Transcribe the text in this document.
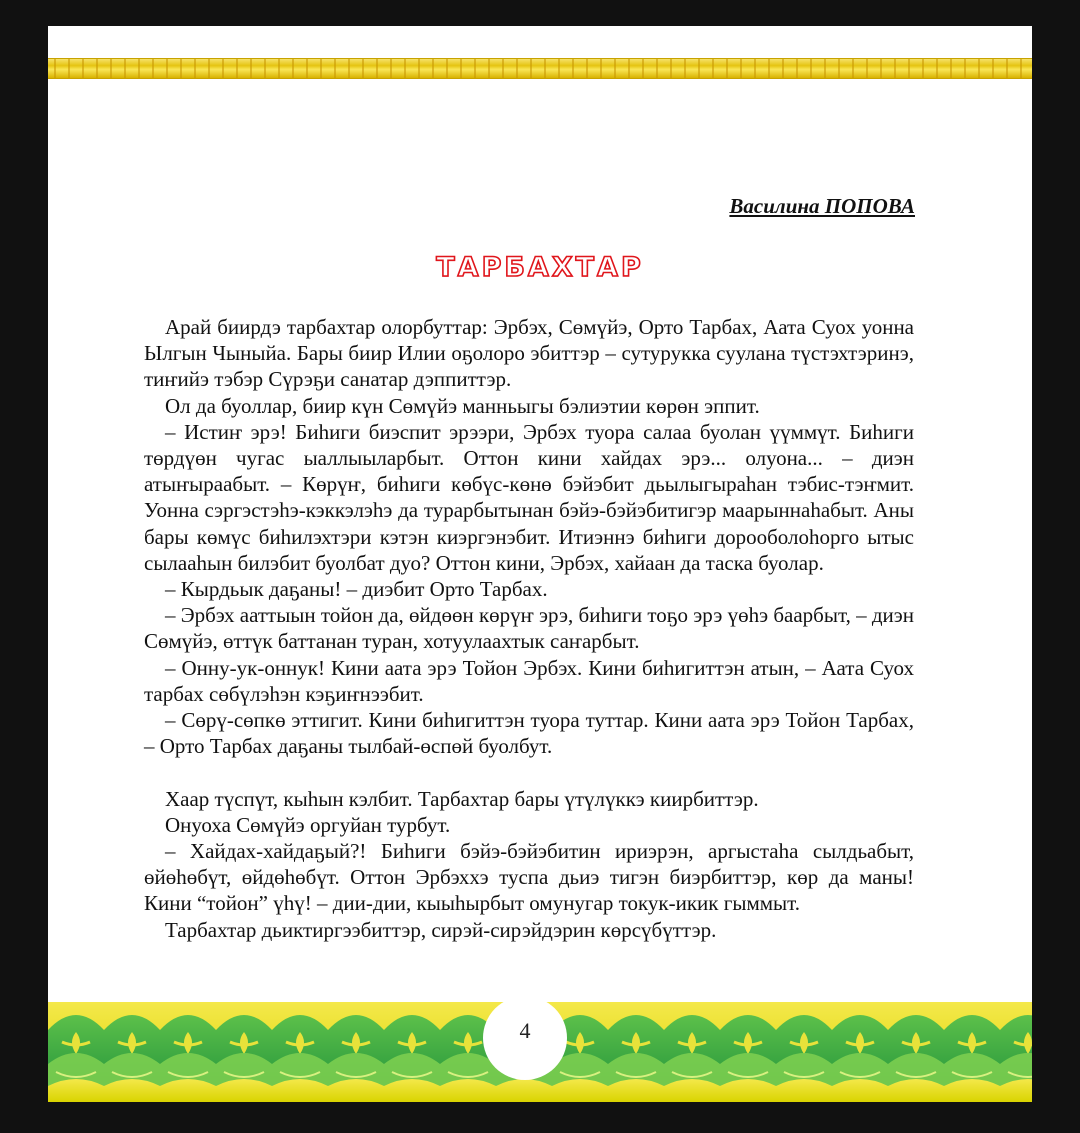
Василина ПОПОВА
ТАРБАХТАР

Арай биирдэ тарбахтар олорбуттар: Эрбэх, Сөмүйэ, Орто Тарбах, Аата Суох уонна Ылгын Чыныйа. Бары биир Илии оҕолоро эбиттэр – сутурукка суулана түстэхтэринэ, тиҥийэ тэбэр Сүрэҕи санатар дэппиттэр.

Ол да буоллар, биир күн Сөмүйэ манньыгы бэлиэтии көрөн эппит.

– Истиҥ эрэ! Биһиги биэспит эрээри, Эрбэх туора салаа буолан үүммүт. Биһиги төрдүөн чугас ыаллыыларбыт. Оттон кини хайдах эрэ... олуона... – диэн атыҥыраабыт. – Көрүҥ, биһиги көбүс-көнө бэйэбит дьылыгыраһан тэбис-тэҥмит. Уонна сэргэстэһэ-кэккэлэһэ да турарбытынан бэйэ-бэйэбитигэр маарыннаһабыт. Аны бары көмүс биһилэхтэри кэтэн киэргэнэбит. Итиэннэ биһиги дорооболоһорго ытыс сылааһын билэбит буолбат дуо? Оттон кини, Эрбэх, хайаан да таска буолар.

– Кырдьык даҕаны! – диэбит Орто Тарбах.

– Эрбэх ааттыын тойон да, өйдөөн көрүҥ эрэ, биһиги тоҕо эрэ үөһэ баарбыт, – диэн Сөмүйэ, өттүк баттанан туран, хотуулаахтык саҥарбыт.

– Онну-ук-оннук! Кини аата эрэ Тойон Эрбэх. Кини биһигиттэн атын, – Аата Суох тарбах сөбүлэһэн кэҕиҥнээбит.

– Сөрү-сөпкө эттигит. Кини биһигиттэн туора туттар. Кини аата эрэ Тойон Тарбах, – Орто Тарбах даҕаны тылбай-өспөй буолбут.

Хаар түспүт, кыһын кэлбит. Тарбахтар бары үтүлүккэ киирбиттэр.

Онуоха Сөмүйэ оргуйан турбут.

– Хайдах-хайдаҕый?! Биһиги бэйэ-бэйэбитин ириэрэн, аргыстаһа сылдьабыт, өйөһөбүт, өйдөһөбүт. Оттон Эрбэххэ туспа дьиэ тигэн биэрбиттэр, көр да маны! Кини “тойон” үһү! – дии-дии, кыыһырбыт омунугар токук-икик гыммыт.

Тарбахтар дьиктиргээбиттэр, сирэй-сирэйдэрин көрсүбүттэр.

4
